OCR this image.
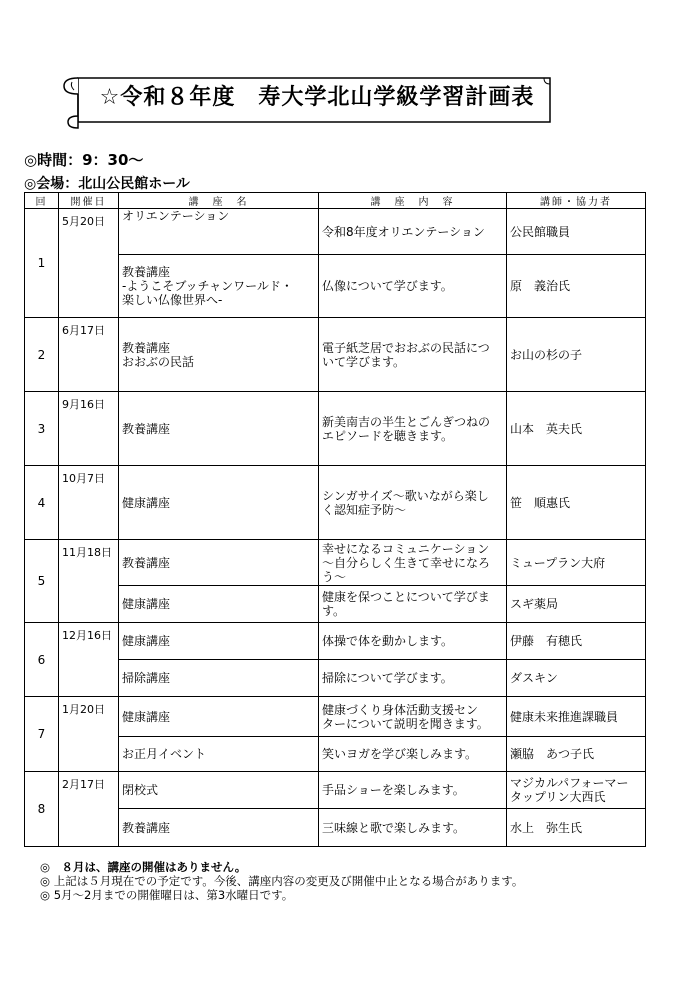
☆令和８年度　寿大学北山学級学習計画表
◎時間：9：30～
◎会場：北山公民館ホール
回	開催日	講　座　名	講　座　内　容	講師・協力者
1	5月20日	オリエンテーション	令和8年度オリエンテーション	公民館職員

		教養講座
-ようこそブッチャンワールド・
楽しい仏像世界へ-	仏像について学びます。	原　義治氏

2	6月17日	教養講座
おおぶの民話	電子紙芝居でおおぶの民話につ
いて学びます。	お山の杉の子

3	9月16日	教養講座	新美南吉の半生とごんぎつねの
エピソードを聴きます。	山本　英夫氏

4	10月7日	健康講座	シンガサイズ～歌いながら楽し
く認知症予防～	笹　順惠氏

5	11月18日	教養講座	幸せになるコミュニケーション
～自分らしく生きて幸せになろ
う～	ミュープラン大府

		健康講座	健康を保つことについて学びま
す。	スギ薬局

6	12月16日	健康講座	体操で体を動かします。	伊藤　有穂氏

		掃除講座	掃除について学びます。	ダスキン

7	1月20日	健康講座	健康づくり身体活動支援セン
ターについて説明を聞きます。	健康未来推進課職員

		お正月イベント	笑いヨガを学び楽しみます。	瀬脇　あつ子氏

8	2月17日	閉校式	手品ショーを楽しみます。	マジカルパフォーマー
タップリン大西氏

		教養講座	三味線と歌で楽しみます。	水上　弥生氏
◎　８月は、講座の開催はありません。
◎ 上記は５月現在での予定です。今後、講座内容の変更及び開催中止となる場合があります。
◎ 5月～2月までの開催曜日は、第3水曜日です。
